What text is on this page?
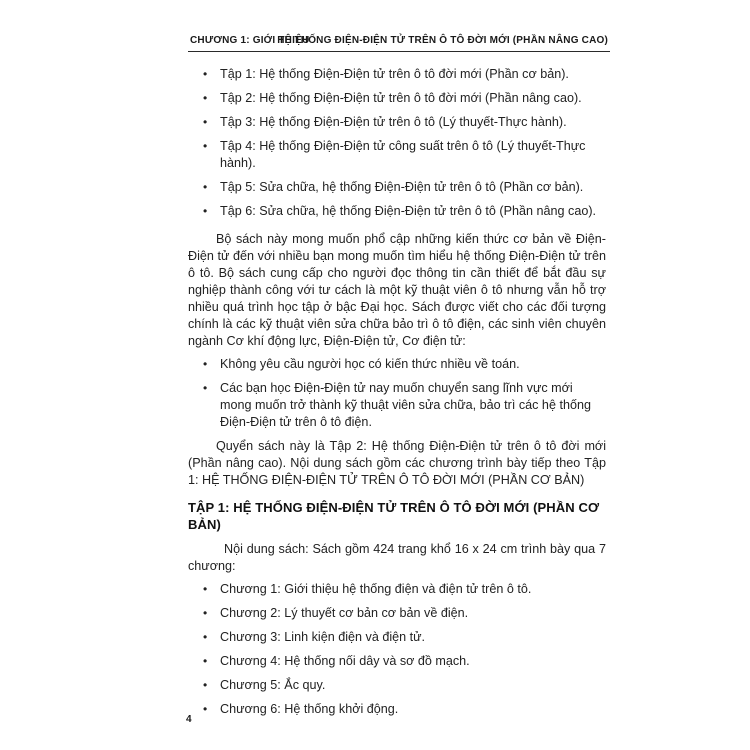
CHƯƠNG 1: GIỚI THIỆU
HỆ THỐNG ĐIỆN-ĐIỆN TỬ TRÊN Ô TÔ ĐỜI MỚI (PHẦN NÂNG CAO)
• Tập 1: Hệ thống Điện-Điện tử trên ô tô đời mới (Phần cơ bản).
• Tập 2: Hệ thống Điện-Điện tử trên ô tô đời mới (Phần nâng cao).
• Tập 3: Hệ thống Điện-Điện tử trên ô tô (Lý thuyết-Thực hành).
• Tập 4: Hệ thống Điện-Điện tử công suất trên ô tô (Lý thuyết-Thực hành).
• Tập 5: Sửa chữa, hệ thống Điện-Điện tử trên ô tô (Phần cơ bản).
• Tập 6: Sửa chữa, hệ thống Điện-Điện tử trên ô tô (Phần nâng cao).

Bộ sách này mong muốn phổ cập những kiến thức cơ bản về Điện-Điện tử đến với nhiều bạn mong muốn tìm hiểu hệ thống Điện-Điện tử trên ô tô. Bộ sách cung cấp cho người đọc thông tin cần thiết để bắt đầu sự nghiệp thành công với tư cách là một kỹ thuật viên ô tô nhưng vẫn hỗ trợ nhiều quá trình học tập ở bậc Đại học. Sách được viết cho các đối tượng chính là các kỹ thuật viên sửa chữa bảo trì ô tô điện, các sinh viên chuyên ngành Cơ khí động lực, Điện-Điện tử, Cơ điện tử:

• Không yêu cầu người học có kiến thức nhiều về toán.
• Các bạn học Điện-Điện tử nay muốn chuyển sang lĩnh vực mới mong muốn trở thành kỹ thuật viên sửa chữa, bảo trì các hệ thống Điện-Điện tử trên ô tô điện.

Quyển sách này là Tập 2: Hệ thống Điện-Điện tử trên ô tô đời mới (Phần nâng cao). Nội dung sách gồm các chương trình bày tiếp theo Tập 1: HỆ THỐNG ĐIỆN-ĐIỆN TỬ TRÊN Ô TÔ ĐỜI MỚI (PHẦN CƠ BẢN)

TẬP 1: HỆ THỐNG ĐIỆN-ĐIỆN TỬ TRÊN Ô TÔ ĐỜI MỚI (PHẦN CƠ BẢN)

Nội dung sách: Sách gồm 424 trang khổ 16 x 24 cm trình bày qua 7 chương:

• Chương 1: Giới thiệu hệ thống điện và điện tử trên ô tô.
• Chương 2: Lý thuyết cơ bản cơ bản về điện.
• Chương 3: Linh kiện điện và điện tử.
• Chương 4: Hệ thống nối dây và sơ đồ mạch.
• Chương 5: Ắc quy.
• Chương 6: Hệ thống khởi động.
4
